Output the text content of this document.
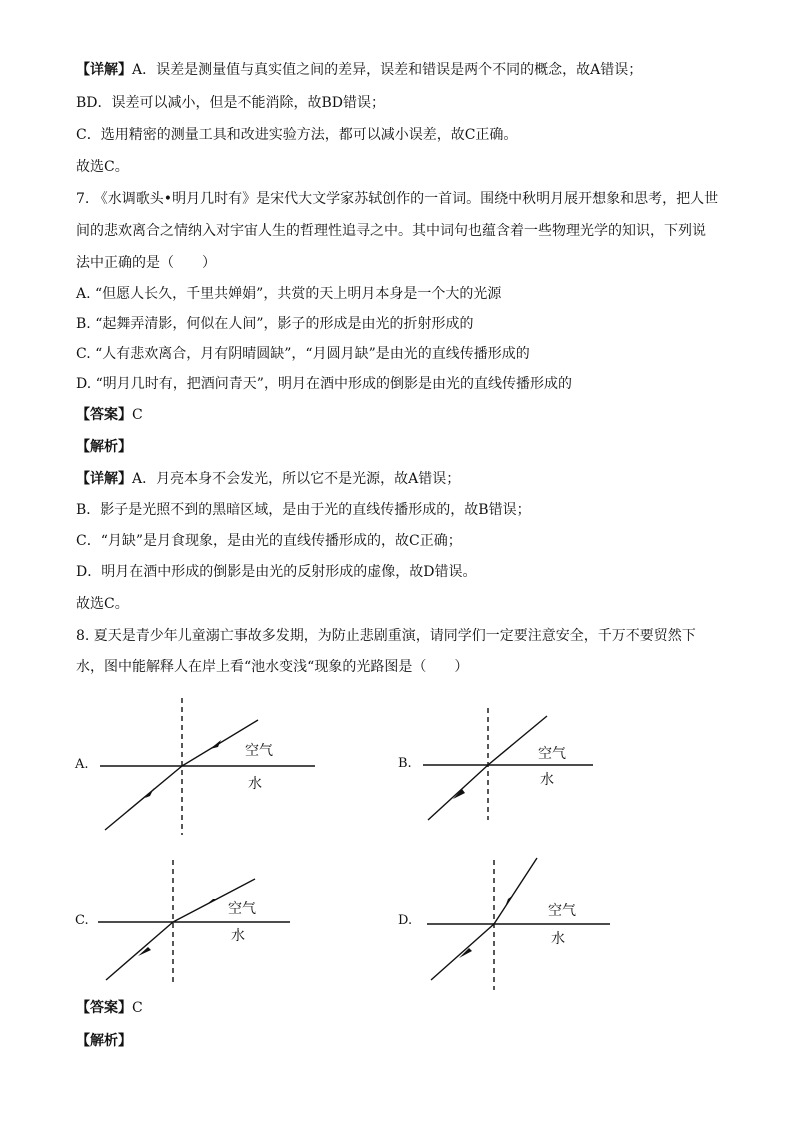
【详解】A．误差是测量值与真实值之间的差异，误差和错误是两个不同的概念，故A错误；
BD．误差可以减小，但是不能消除，故BD错误；
C．选用精密的测量工具和改进实验方法，都可以减小误差，故C正确。
故选C。
7. 《水调歌头•明月几时有》是宋代大文学家苏轼创作的一首词。围绕中秋明月展开想象和思考，把人世
间的悲欢离合之情纳入对宇宙人生的哲理性追寻之中。其中词句也蕴含着一些物理光学的知识，下列说
法中正确的是（　　）
A. “但愿人长久，千里共婵娟”，共赏的天上明月本身是一个大的光源
B. “起舞弄清影，何似在人间”，影子的形成是由光的折射形成的
C. “人有悲欢离合，月有阴晴圆缺”，“月圆月缺”是由光的直线传播形成的
D. “明月几时有，把酒问青天”，明月在酒中形成的倒影是由光的直线传播形成的
【答案】C
【解析】
【详解】A．月亮本身不会发光，所以它不是光源，故A错误；
B．影子是光照不到的黑暗区域，是由于光的直线传播形成的，故B错误；
C．“月缺”是月食现象，是由光的直线传播形成的，故C正确；
D．明月在酒中形成的倒影是由光的反射形成的虚像，故D错误。
故选C。
8. 夏天是青少年儿童溺亡事故多发期，为防止悲剧重演，请同学们一定要注意安全，千万不要贸然下
水，图中能解释人在岸上看“池水变浅“现象的光路图是（　　）
A.
空气
水
B.
空气
水
C.
空气
水
D.
空气
水
【答案】C
【解析】
